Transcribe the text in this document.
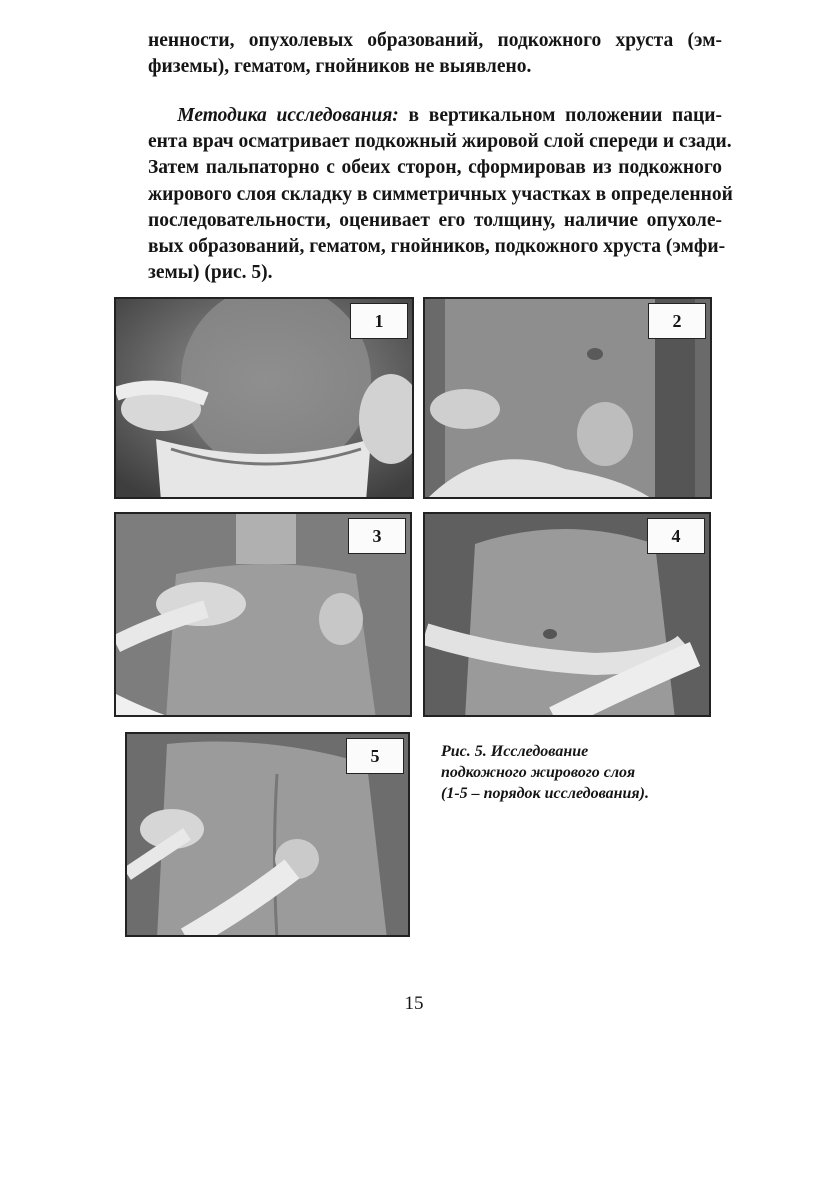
ненности, опухолевых образований, подкожного хруста (эм-
физемы), гематом, гнойников не выявлено.

  Методика исследования: в вертикальном положении паци-
ента врач осматривает подкожный жировой слой спереди и сзади.
Затем пальпаторно с обеих сторон, сформировав из подкожного
жирового слоя складку в симметричных участках в определенной
последовательности, оценивает его толщину, наличие опухоле-
вых образований, гематом, гнойников, подкожного хруста (эмфи-
земы) (рис. 5).

1	2
3	4
5	Рис. 5. Исследование
подкожного жирового слоя
(1-5 – порядок исследования).
15
